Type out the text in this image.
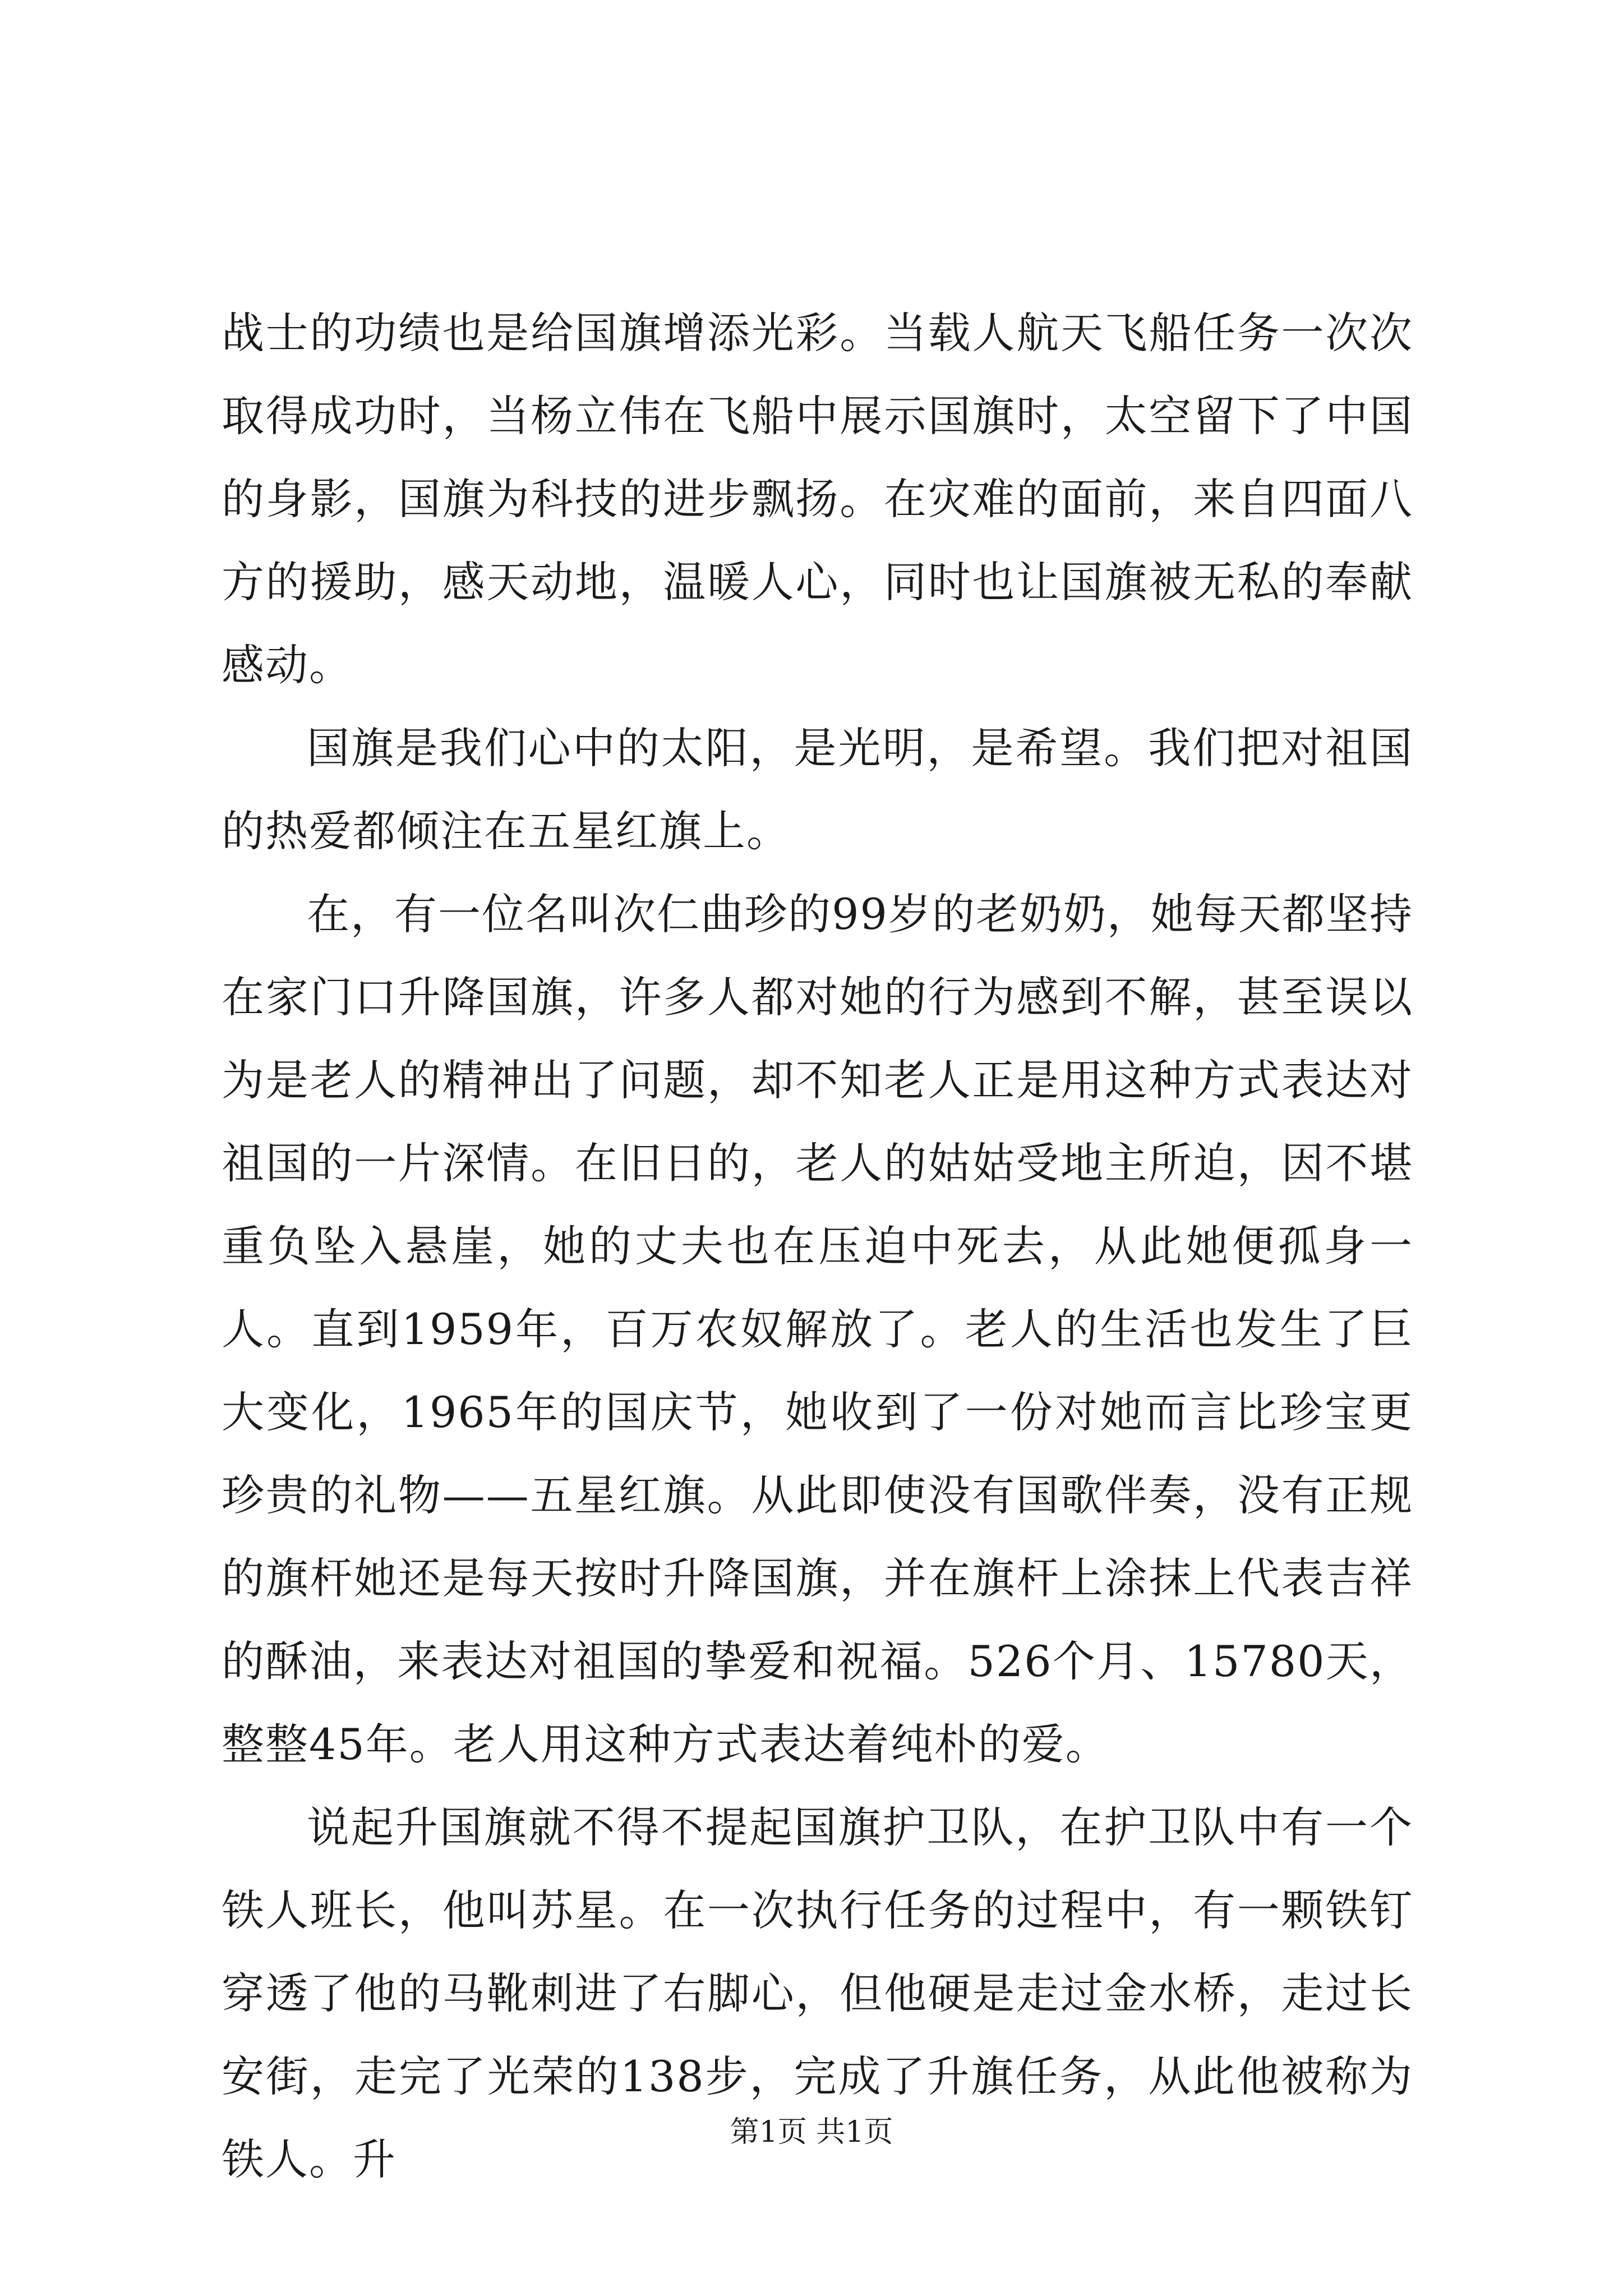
战士的功绩也是给国旗增添光彩。当载人航天飞船任务一次次取得成功时，当杨立伟在飞船中展示国旗时，太空留下了中国的身影，国旗为科技的进步飘扬。在灾难的面前，来自四面八方的援助，感天动地，温暖人心，同时也让国旗被无私的奉献感动。

国旗是我们心中的太阳，是光明，是希望。我们把对祖国的热爱都倾注在五星红旗上。

在，有一位名叫次仁曲珍的99岁的老奶奶，她每天都坚持在家门口升降国旗，许多人都对她的行为感到不解，甚至误以为是老人的精神出了问题，却不知老人正是用这种方式表达对祖国的一片深情。在旧日的，老人的姑姑受地主所迫，因不堪重负坠入悬崖，她的丈夫也在压迫中死去，从此她便孤身一人。直到1959年，百万农奴解放了。老人的生活也发生了巨大变化，1965年的国庆节，她收到了一份对她而言比珍宝更珍贵的礼物——五星红旗。从此即使没有国歌伴奏，没有正规的旗杆她还是每天按时升降国旗，并在旗杆上涂抹上代表吉祥的酥油，来表达对祖国的挚爱和祝福。526个月、15780天，整整45年。老人用这种方式表达着纯朴的爱。

说起升国旗就不得不提起国旗护卫队，在护卫队中有一个铁人班长，他叫苏星。在一次执行任务的过程中，有一颗铁钉穿透了他的马靴刺进了右脚心，但他硬是走过金水桥，走过长安街，走完了光荣的138步，完成了升旗任务，从此他被称为铁人。升

第1页 共1页
